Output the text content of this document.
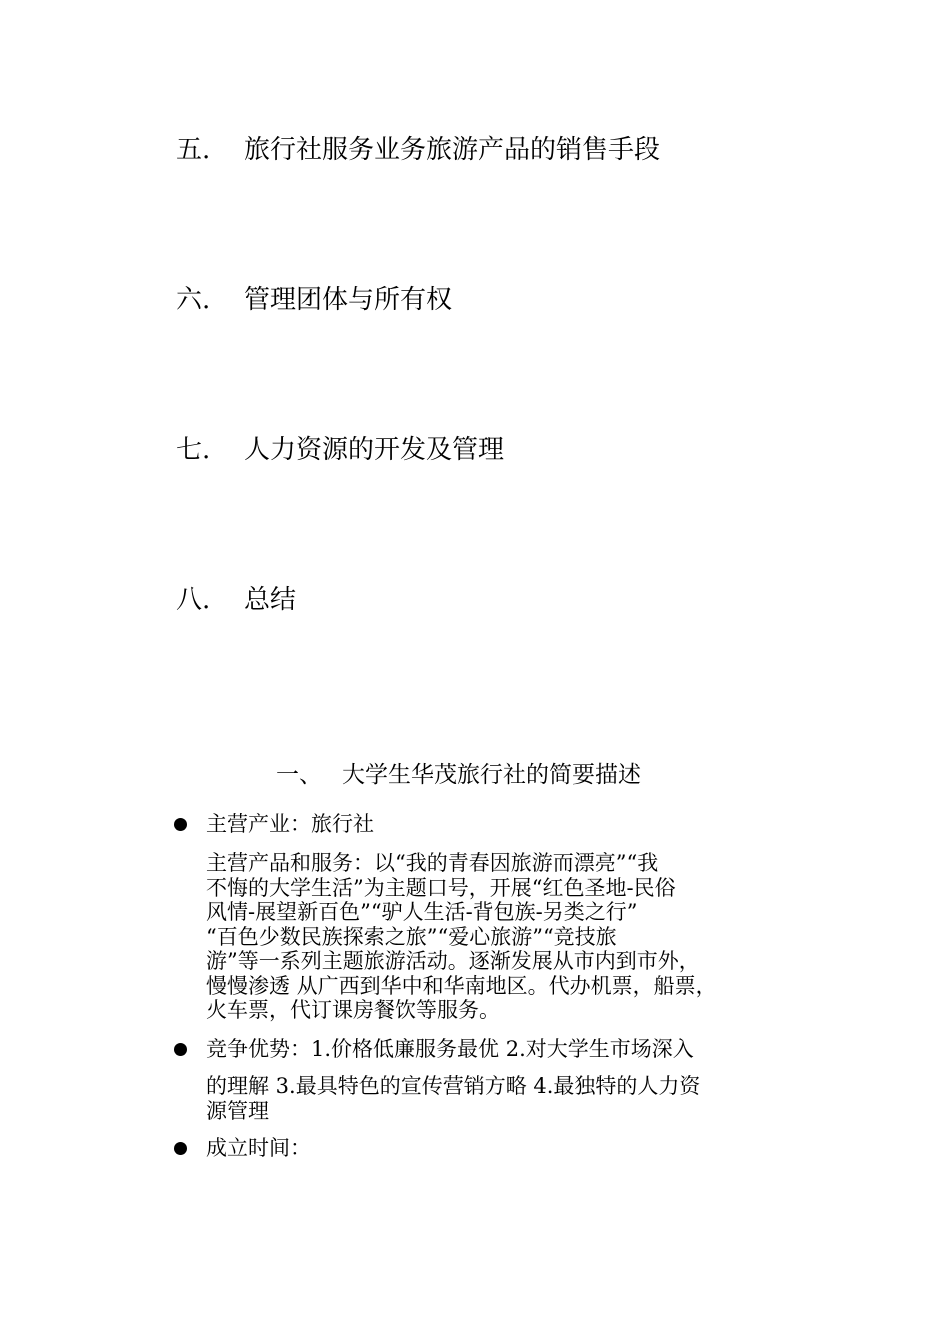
五. 旅行社服务业务旅游产品的销售手段
六. 管理团体与所有权
七. 人力资源的开发及管理
八. 总结
一、 大学生华茂旅行社的简要描述
主营产业：旅行社
主营产品和服务：以“我的青春因旅游而漂亮”“我
不悔的大学生活”为主题口号，开展“红色圣地-民俗
风情-展望新百色”“驴人生活-背包族-另类之行”
“百色少数民族探索之旅”“爱心旅游”“竞技旅
游”等一系列主题旅游活动。逐渐发展从市内到市外，
慢慢渗透 从广西到华中和华南地区。代办机票，船票，
火车票，代订课房餐饮等服务。
竞争优势：1.价格低廉服务最优 2.对大学生市场深入
的理解 3.最具特色的宣传营销方略 4.最独特的人力资
源管理
成立时间：
